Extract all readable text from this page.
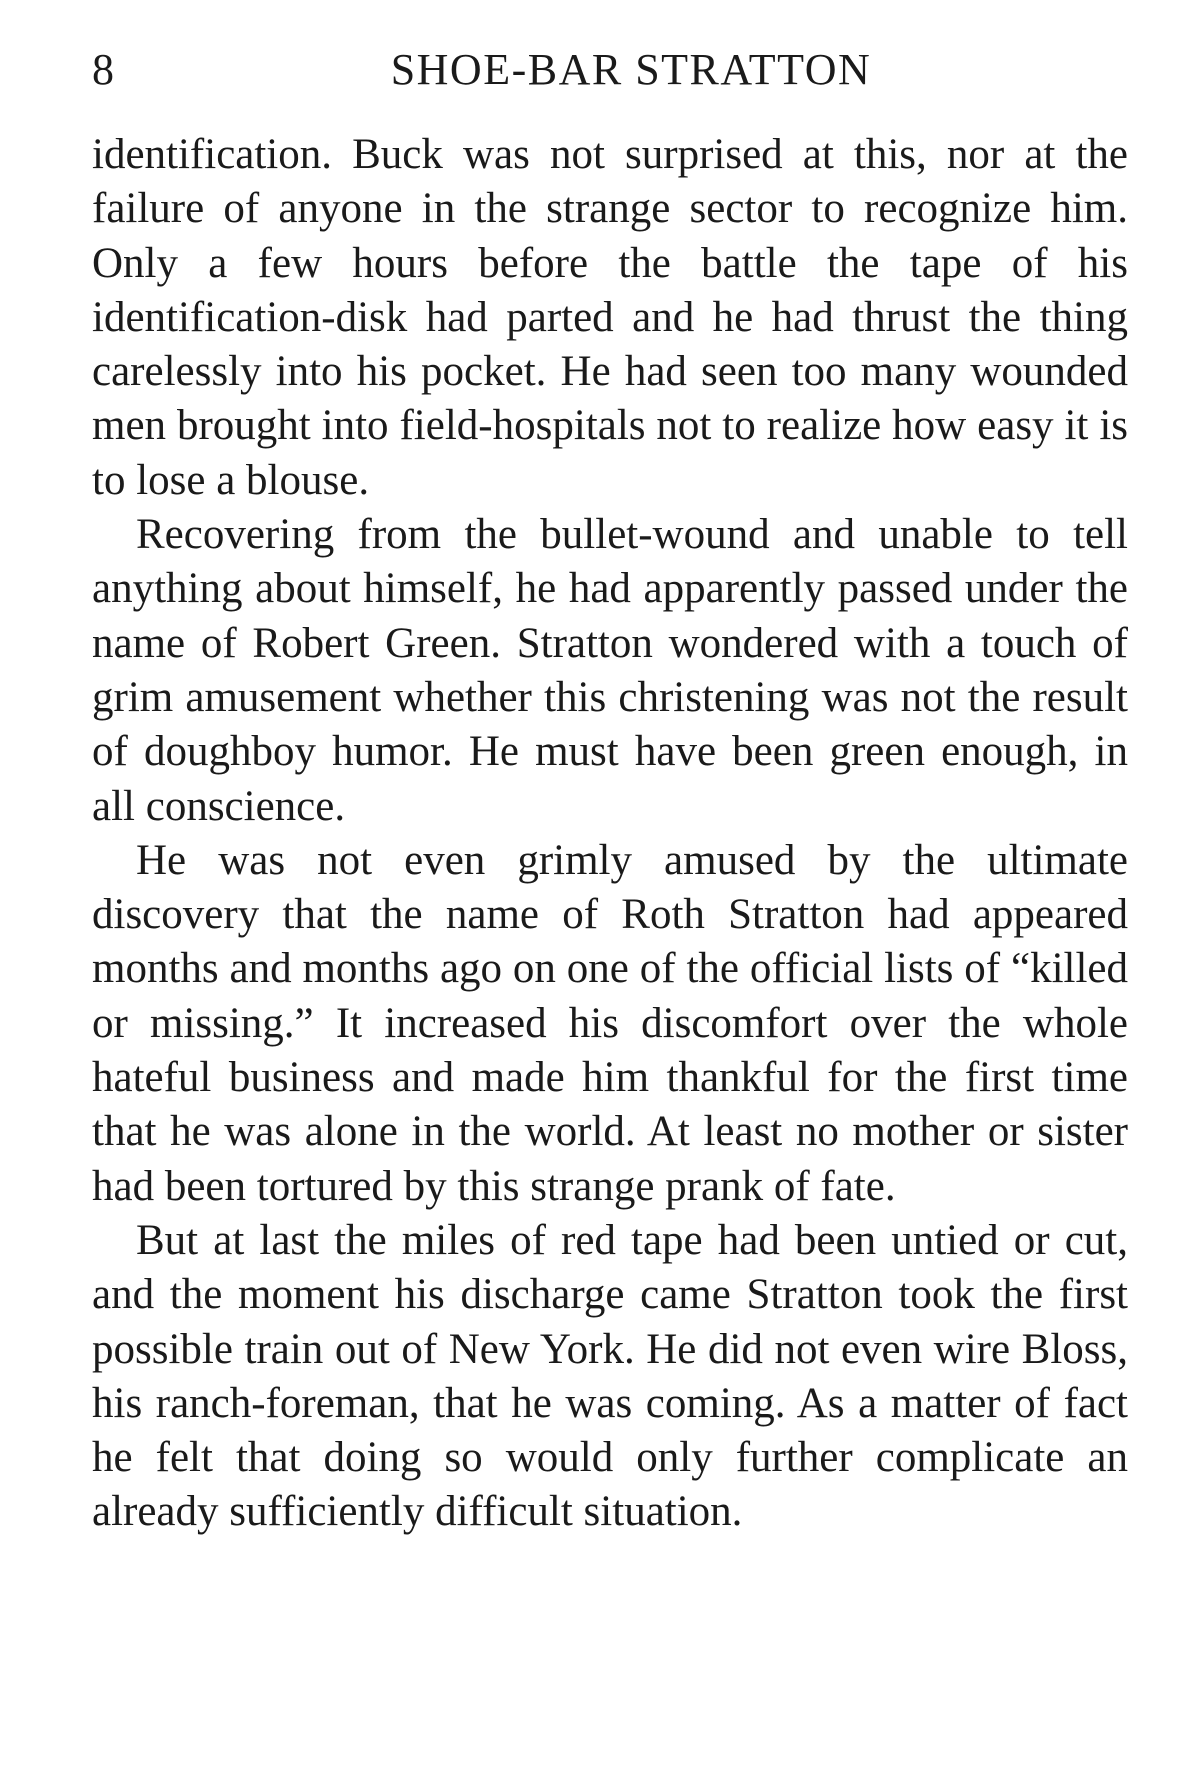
8	SHOE-BAR STRATTON

identification. Buck was not surprised at this, nor at the failure of anyone in the strange sector to recognize him. Only a few hours before the battle the tape of his identification-disk had parted and he had thrust the thing carelessly into his pocket. He had seen too many wounded men brought into field-hospitals not to realize how easy it is to lose a blouse.

Recovering from the bullet-wound and unable to tell anything about himself, he had apparently passed under the name of Robert Green. Stratton wondered with a touch of grim amusement whether this christening was not the result of doughboy humor. He must have been green enough, in all conscience.

He was not even grimly amused by the ultimate discovery that the name of Roth Stratton had appeared months and months ago on one of the official lists of “killed or missing.” It increased his discomfort over the whole hateful business and made him thankful for the first time that he was alone in the world. At least no mother or sister had been tortured by this strange prank of fate.

But at last the miles of red tape had been untied or cut, and the moment his discharge came Stratton took the first possible train out of New York. He did not even wire Bloss, his ranch-foreman, that he was coming. As a matter of fact he felt that doing so would only further complicate an already sufficiently difficult situation.
